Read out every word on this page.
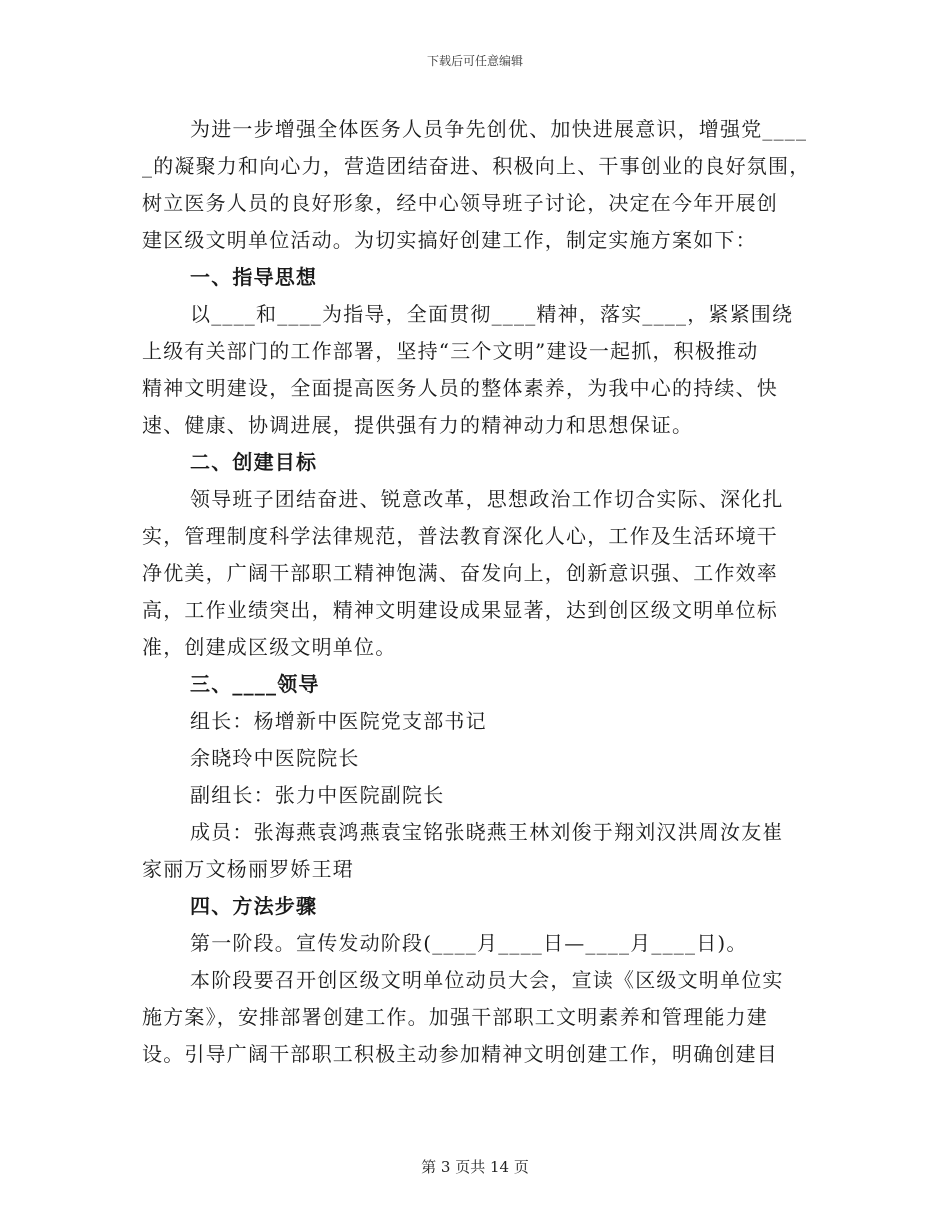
下载后可任意编辑
为进一步增强全体医务人员争先创优、加快进展意识，增强党____
_的凝聚力和向心力，营造团结奋进、积极向上、干事创业的良好氛围，
树立医务人员的良好形象，经中心领导班子讨论，决定在今年开展创
建区级文明单位活动。为切实搞好创建工作，制定实施方案如下：
一、指导思想
以____和____为指导，全面贯彻____精神，落实____，紧紧围绕
上级有关部门的工作部署，坚持“三个文明”建设一起抓，积极推动
精神文明建设，全面提高医务人员的整体素养，为我中心的持续、快
速、健康、协调进展，提供强有力的精神动力和思想保证。
二、创建目标
领导班子团结奋进、锐意改革，思想政治工作切合实际、深化扎
实，管理制度科学法律规范，普法教育深化人心，工作及生活环境干
净优美，广阔干部职工精神饱满、奋发向上，创新意识强、工作效率
高，工作业绩突出，精神文明建设成果显著，达到创区级文明单位标
准，创建成区级文明单位。
三、____领导
组长：杨增新中医院党支部书记
余晓玲中医院院长
副组长：张力中医院副院长
成员：张海燕袁鸿燕袁宝铭张晓燕王林刘俊于翔刘汉洪周汝友崔
家丽万文杨丽罗娇王珺
四、方法步骤
第一阶段。宣传发动阶段(____月____日—____月____日)。
本阶段要召开创区级文明单位动员大会，宣读《区级文明单位实
施方案》，安排部署创建工作。加强干部职工文明素养和管理能力建
设。引导广阔干部职工积极主动参加精神文明创建工作，明确创建目
第 3 页共 14 页
